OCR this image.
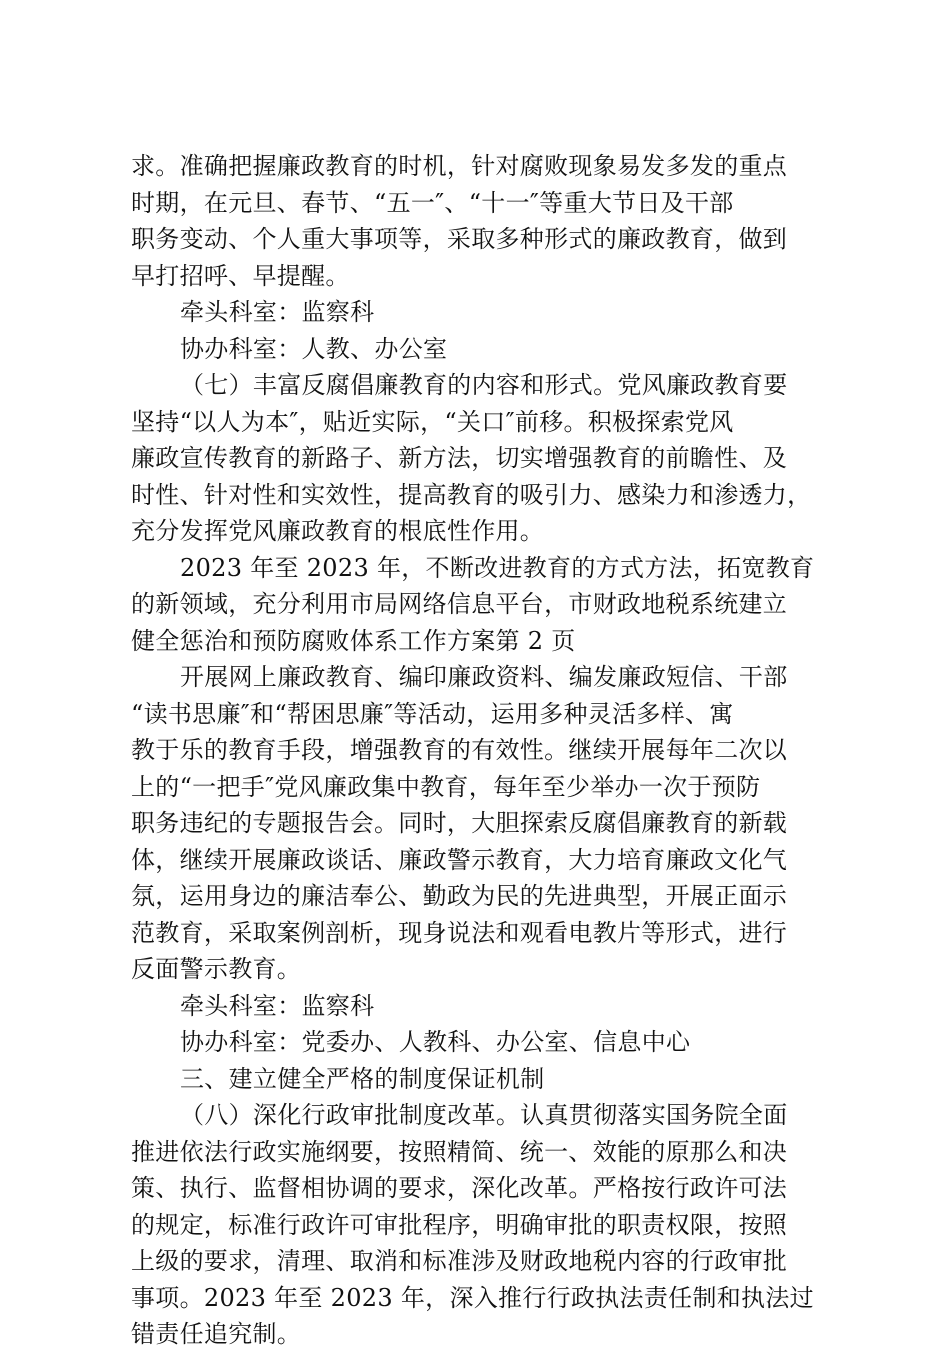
求。准确把握廉政教育的时机，针对腐败现象易发多发的重点
时期，在元旦、春节、“五一″、“十一″等重大节日及干部
职务变动、个人重大事项等，采取多种形式的廉政教育，做到
早打招呼、早提醒。
牵头科室：监察科
协办科室：人教、办公室
（七）丰富反腐倡廉教育的内容和形式。党风廉政教育要
坚持“以人为本″，贴近实际，“关口″前移。积极探索党风
廉政宣传教育的新路子、新方法，切实增强教育的前瞻性、及
时性、针对性和实效性，提高教育的吸引力、感染力和渗透力，
充分发挥党风廉政教育的根底性作用。
2023 年至 2023 年，不断改进教育的方式方法，拓宽教育
的新领域，充分利用市局网络信息平台，市财政地税系统建立
健全惩治和预防腐败体系工作方案第 2 页
开展网上廉政教育、编印廉政资料、编发廉政短信、干部
“读书思廉″和“帮困思廉″等活动，运用多种灵活多样、寓
教于乐的教育手段，增强教育的有效性。继续开展每年二次以
上的“一把手″党风廉政集中教育，每年至少举办一次于预防
职务违纪的专题报告会。同时，大胆探索反腐倡廉教育的新载
体，继续开展廉政谈话、廉政警示教育，大力培育廉政文化气
氛，运用身边的廉洁奉公、勤政为民的先进典型，开展正面示
范教育，采取案例剖析，现身说法和观看电教片等形式，进行
反面警示教育。
牵头科室：监察科
协办科室：党委办、人教科、办公室、信息中心
三、建立健全严格的制度保证机制
（八）深化行政审批制度改革。认真贯彻落实国务院全面
推进依法行政实施纲要，按照精简、统一、效能的原那么和决
策、执行、监督相协调的要求，深化改革。严格按行政许可法
的规定，标准行政许可审批程序，明确审批的职责权限，按照
上级的要求，清理、取消和标准涉及财政地税内容的行政审批
事项。2023 年至 2023 年，深入推行行政执法责任制和执法过
错责任追究制。
